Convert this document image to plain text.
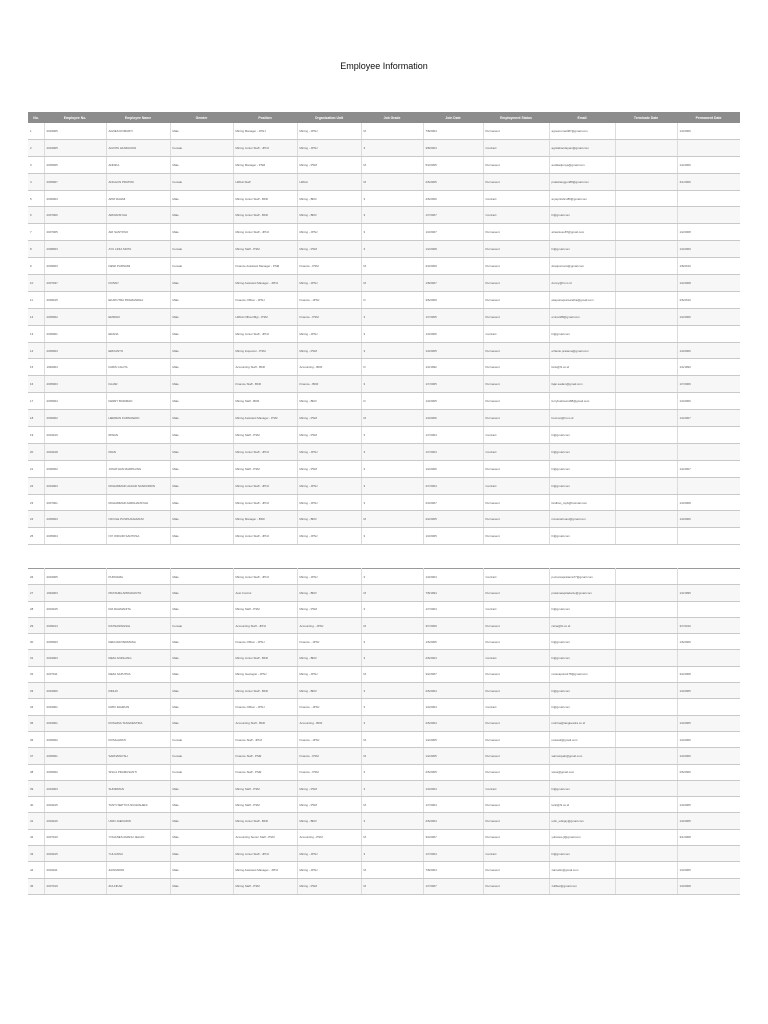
Employee Information
No.	Employee No.	Employee Name	Gender	Position	Organization Unit	Job Grade	Join Date	Employment Status	Email	Terminate Date	Permanent Date
1	2003005	AGNES ROMARTI	Male	Mining Manager - JPNJ	Mining - JPNJ	M	7/8/2004	Permanent	agnesromarti87@gmail.com		1/3/2006
2	2004005	AGNITA HANDAYANI	Female	Mining Junior Staff - JPNJ	Mining - JPNJ	3	3/8/2004	Contract	agnitahandayani@gmail.com		
3	2005005	ANDIKA	Male	Mining Manager - PSM	Mining - PSM	M	5/2/2005	Permanent	andikadjonya@gmail.com		1/2/2006
4	2005007	ANGGUN PRATIWI	Female	HRGA Staff	HRGA	M	2/6/2005	Permanent	pratiwianggun88@gmail.com		4/1/2006
5	2006003	APRI RAHMI	Male	Mining Junior Staff - BKR	Mining - BKR	3	2/6/2006	Contract	aryaprirahmi86@gmail.com		
6	2007006	ARDIANSYAH	Male	Mining Junior Staff - BKR	Mining - BKR	3	1/7/2007	Contract	hi@gmail.com		
7	2007005	ARI SANTOSO	Male	Mining Junior Staff - JPNJ	Mining - JPNJ	3	1/3/2007	Permanent	arisantoso87@gmail.com		1/2/2008
8	2008003	AYU LIDIA SINTA	Female	Mining Staff - PSM	Mining - PSM	3	1/2/2008	Permanent	hi@gmail.com		1/3/2009
9	2009003	DEWI PURNAMI	Female	Finance Assistant Manager - PSM	Finance - PSM	M	2/3/2009	Permanent	dewipurnami@gmail.com		1/8/2010
10	2007037	DONNY	Male	Mining Assistant Manager - JPNJ	Mining - JPNJ	M	1/8/2007	Permanent	donny@hi.co.id		1/2/2008
11	2009015	EKAPUTRA PRAMANDHA	Male	Finance Officer - JPNJ	Finance - JPNJ	D	3/6/2009	Permanent	ekaputrapramandha@gmail.com		2/6/2010
12	2005002	EMIRAN	Male	HRGA Officer/Mgr - PSM	Finance - PSM	3	1/7/2005	Permanent	emiran88@gmail.com		1/2/2006
13	2006001	ERANA	Male	Mining Junior Staff - JPNJ	Mining - JPNJ	3	1/3/2006	Contract	hi@gmail.com		
14	2005003	ERFIANTO	Male	Mining Inspector - PSM	Mining - PSM	3	1/3/2005	Permanent	erfianto.pratama@gmail.com		1/3/2006
15	1992004	FARIS CALITA	Male	Accounting Staff - BKR	Accounting - BKR	D	1/3/1992	Permanent	faris@hi.co.id		1/4/1993
16	2005003	FAJAR	Male	Finance Staff - BKR	Finance - BKR	3	1/7/2005	Permanent	fajar.sadam@gmail.com		1/7/2006
17	2005004	FERRY BUDIMAN	Male	Mining Staff - BKR	Mining - BKR	D	1/3/2005	Permanent	ferrybudiman188@gmail.com		1/3/2006
18	2006002	HERMAN KURNIAWAN	Male	Mining Assistant Manager - PSM	Mining - PSM	M	1/3/2006	Permanent	herman@hi.co.id		1/4/2007
19	2004010	IRWAN	Male	Mining Staff - PSM	Mining - PSM	3	1/7/2004	Contract	hi@gmail.com		
20	2004018	IWAN	Male	Mining Junior Staff - JPNJ	Mining - JPNJ	3	1/7/2004	Contract	hi@gmail.com		
21	2006002	JONATHAN MARPAUNG	Male	Mining Staff - PSM	Mining - PSM	3	1/2/2006	Permanent	hi@gmail.com		1/2/2007
22	2004003	MUHAMMAD HAJIAR NASRUDDIN	Male	Mining Junior Staff - JPNJ	Mining - JPNJ	3	2/7/2004	Contract	hi@gmail.com		
23	2007001	MUHAMMAD FARDHANSYAH	Male	Mining Junior Staff - JPNJ	Mining - JPNJ	3	2/3/2007	Permanent	fardhan_mpb@hotmail.com		1/3/2008
24	2005003	NICOLE PUSPA RAHMANI	Male	Mining Manager - BKR	Mining - BKR	M	2/2/2005	Permanent	nicolerahmani@gmail.com		1/3/2006
25	2005004	NYI WIDURI SANTOSA	Male	Mining Junior Staff - JPNJ	Mining - JPNJ	3	1/3/2005	Permanent	hi@gmail.com		
26	2004005	PURNAMA	Male	Mining Junior Staff - JPNJ	Mining - JPNJ	3	1/3/2004	Contract	purnamapratama77@gmail.com		
27	1994003	PRATAMA APRIADANTO	Male	Asst Control	Mining - BKR	M	7/8/1994	Permanent	pratamaapriadanto@gmail.com		1/3/1995
28	2004015	RIA RAHMANITA	Male	Mining Staff - PSM	Mining - PSM	3	1/7/2004	Contract	hi@gmail.com		
29	2009014	RATNANINGSIH	Female	Accounting Staff - JPNJ	Accounting - JPNJ	M	3/7/2009	Permanent	ratna@hi.co.id		3/7/2010
30	2005003	REDUAR PERMANA	Male	Finance Officer - JPNJ	Finance - JPNJ	3	1/6/2005	Permanent	hi@gmail.com		1/6/2006
31	2004003	REZA ANDILANG	Male	Mining Junior Staff - BKR	Mining - BKR	3	2/6/2004	Contract	hi@gmail.com		
32	2007011	REZA SAPUTRA	Male	Mining Geologist - JPNJ	Mining - JPNJ	M	3/2/2007	Permanent	rezasaputra178@gmail.com		3/2/2008
33	2004006	RIDHO	Male	Mining Junior Staff - BKR	Mining - BKR	3	2/6/2004	Permanent	hi@gmail.com		1/3/2005
34	2004001	RIZKI FAHRIAN	Male	Finance Officer - JPNJ	Finance - JPNJ	3	1/4/2004	Contract	hi@gmail.com		
35	2004001	ROSHINA TANGKESTIRA	Male	Accounting Staff - BKR	Accounting - BKR	3	2/6/2004	Permanent	roshina@tangkestira.co.id		1/3/2005
36	2005002	ROSILAWATI	Female	Finance Staff - JPNJ	Finance - JPNJ	M	1/2/2005	Permanent	rosiwati@gmail.com		1/3/2006
37	2005001	SARNAWIYAH	Female	Finance Staff - PSM	Finance - PSM	M	1/2/2005	Permanent	sarnawiyah@gmail.com		1/3/2006
38	2005002	SISCA PRAMUSANTI	Female	Finance Staff - PSM	Finance - PSM	3	2/6/2005	Permanent	sisca@gmail.com		2/6/2006
39	2004003	SUDIRMAN	Male	Mining Staff - PSM	Mining - PSM	3	1/3/2004	Contract	hi@gmail.com		
40	2004015	TANTI SEPTIYA NUGRAHENI	Male	Mining Staff - PSM	Mining - PSM	M	1/7/2004	Permanent	tanti@hi.co.id		1/3/2005
41	2004016	UDIN JAENUDIN	Male	Mining Junior Staff - BKR	Mining - BKR	3	2/6/2004	Permanent	udin_udinjay@gmail.com		1/3/2005
42	2007010	YOHANES AMANU JELIAN	Male	Accounting Senior Staff - PSM	Accounting - PSM	M	3/4/2007	Permanent	yohanes.jl@gmail.com		3/1/2008
43	2004015	YULIANSU	Male	Mining Junior Staff - JPNJ	Mining - JPNJ	3	1/7/2004	Contract	hi@gmail.com		
44	2004011	ZAINUDDIN	Male	Mining Assistant Manager - JPNJ	Mining - JPNJ	M	7/8/2004	Permanent	zainudin@gmail.com		1/3/2005
45	2007019	ZULFIKAR	Male	Mining Staff - PSM	Mining - PSM	M	1/7/2007	Permanent	zulfikar@gmail.com		1/3/2008
